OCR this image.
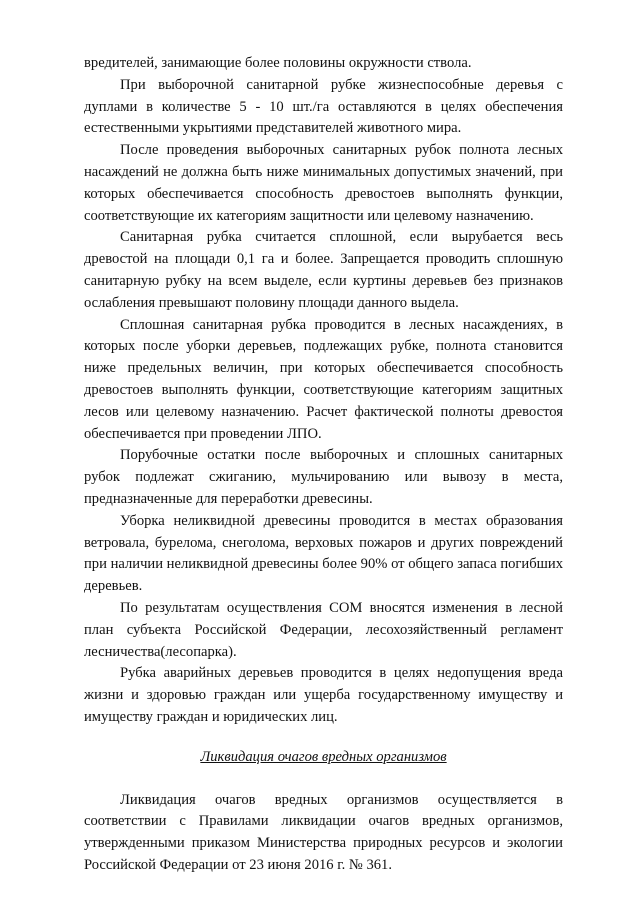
вредителей, занимающие более половины окружности ствола.

При выборочной санитарной рубке жизнеспособные деревья с дуплами в количестве 5 - 10 шт./га оставляются в целях обеспечения естественными укрытиями представителей животного мира.

После проведения выборочных санитарных рубок полнота лесных насаждений не должна быть ниже минимальных допустимых значений, при которых обеспечивается способность древостоев выполнять функции, соответствующие их категориям защитности или целевому назначению.

Санитарная рубка считается сплошной, если вырубается весь древостой на площади 0,1 га и более. Запрещается проводить сплошную санитарную рубку на всем выделе, если куртины деревьев без признаков ослабления превышают половину площади данного выдела.

Сплошная санитарная рубка проводится в лесных насаждениях, в которых после уборки деревьев, подлежащих рубке, полнота становится ниже предельных величин, при которых обеспечивается способность древостоев выполнять функции, соответствующие категориям защитных лесов или целевому назначению. Расчет фактической полноты древостоя обеспечивается при проведении ЛПО.

Порубочные остатки после выборочных и сплошных санитарных рубок подлежат сжиганию, мульчированию или вывозу в места, предназначенные для переработки древесины.

Уборка неликвидной древесины проводится в местах образования ветровала, бурелома, снеголома, верховых пожаров и других повреждений при наличии неликвидной древесины более 90% от общего запаса погибших деревьев.

По результатам осуществления СОМ вносятся изменения в лесной план субъекта Российской Федерации, лесохозяйственный регламент лесничества(лесопарка).

Рубка аварийных деревьев проводится в целях недопущения вреда жизни и здоровью граждан или ущерба государственному имуществу и имуществу граждан и юридических лиц.

Ликвидация очагов вредных организмов

Ликвидация очагов вредных организмов осуществляется в соответствии с Правилами ликвидации очагов вредных организмов, утвержденными приказом Министерства природных ресурсов и экологии Российской Федерации от 23 июня 2016 г. № 361.
